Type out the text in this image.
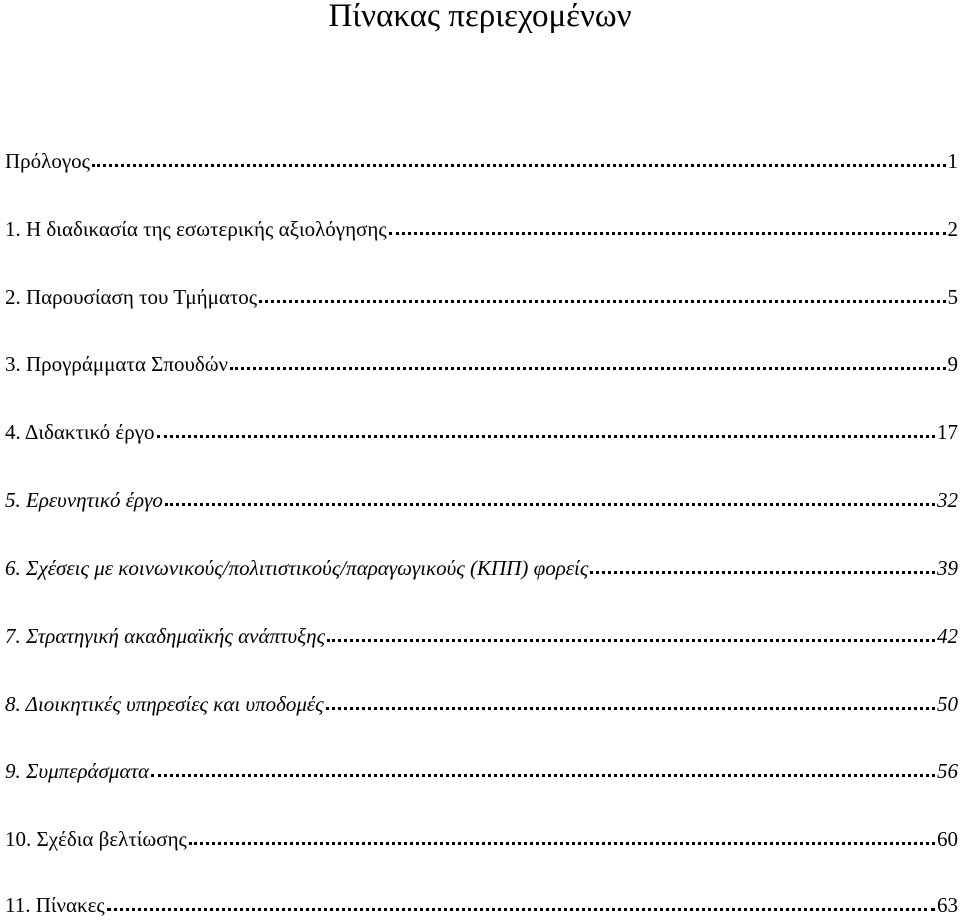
Πίνακας περιεχομένων
Πρόλογος	1
1. Η διαδικασία της εσωτερικής αξιολόγησης	2
2. Παρουσίαση του Τμήματος	5
3. Προγράμματα Σπουδών	9
4. Διδακτικό έργο	17
5. Ερευνητικό έργο	32
6. Σχέσεις με κοινωνικούς/πολιτιστικούς/παραγωγικούς (ΚΠΠ) φορείς	39
7. Στρατηγική ακαδημαϊκής ανάπτυξης	42
8. Διοικητικές υπηρεσίες και υποδομές	50
9. Συμπεράσματα	56
10. Σχέδια βελτίωσης	60
11. Πίνακες	63
